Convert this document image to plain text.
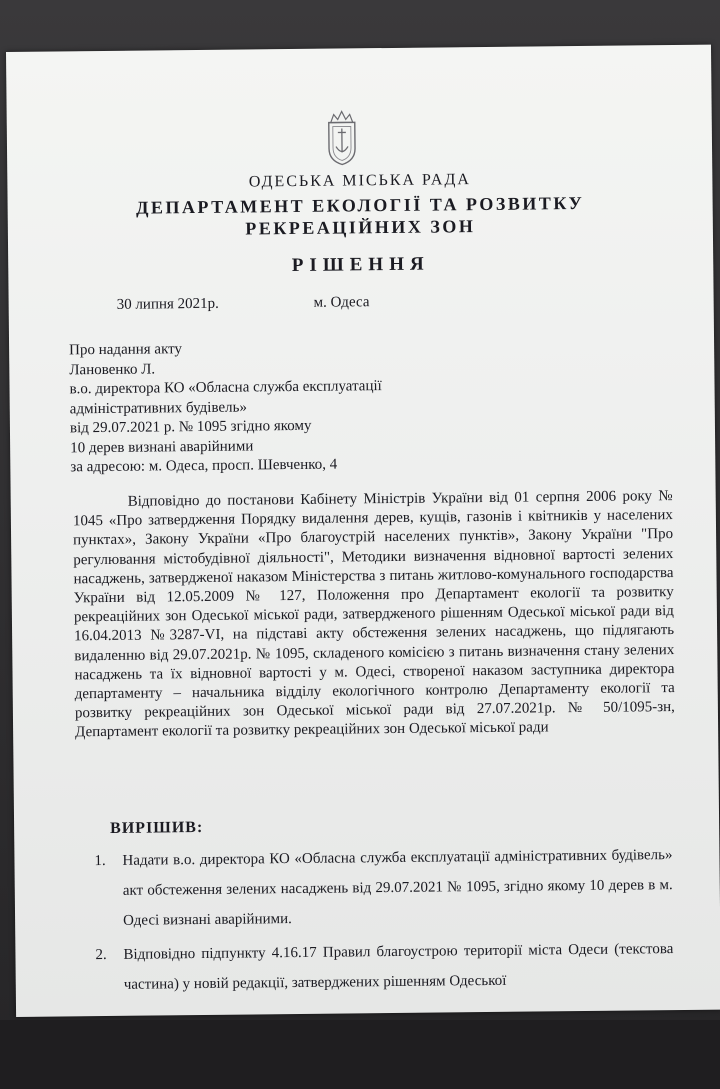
ОДЕСЬКА МІСЬКА РАДА
ДЕПАРТАМЕНТ ЕКОЛОГІЇ ТА РОЗВИТКУ
РЕКРЕАЦІЙНИХ ЗОН
РІШЕННЯ
30 липня 2021р.	м. Одеса
Про надання акту
Лановенко Л.
в.о. директора КО «Обласна служба експлуатації
адміністративних будівель»
від 29.07.2021 р. № 1095 згідно якому
10 дерев визнані аварійними
за адресою: м. Одеса, просп. Шевченко, 4
Відповідно до постанови Кабінету Міністрів України від 01 серпня 2006 року № 1045 «Про затвердження Порядку видалення дерев, кущів, газонів і квітників у населених пунктах», Закону України «Про благоустрій населених пунктів», Закону України "Про регулювання містобудівної діяльності", Методики визначення відновної вартості зелених насаджень, затвердженої наказом Міністерства з питань житлово-комунального господарства України від 12.05.2009 № 127, Положення про Департамент екології та розвитку рекреаційних зон Одеської міської ради, затвердженого рішенням Одеської міської ради від 16.04.2013 №3287-VI, на підставі акту обстеження зелених насаджень, що підлягають видаленню від 29.07.2021р. № 1095, складеного комісією з питань визначення стану зелених насаджень та їх відновної вартості у м. Одесі, створеної наказом заступника директора департаменту – начальника відділу екологічного контролю Департаменту екології та розвитку рекреаційних зон Одеської міської ради від 27.07.2021р. № 50/1095-зн, Департамент екології та розвитку рекреаційних зон Одеської міської ради
ВИРІШИВ:
1. Надати в.о. директора КО «Обласна служба експлуатації адміністративних будівель» акт обстеження зелених насаджень від 29.07.2021 № 1095, згідно якому 10 дерев в м. Одесі визнані аварійними.
2. Відповідно підпункту 4.16.17 Правил благоустрою території міста Одеси (текстова частина) у новій редакції, затверджених рішенням Одеської
